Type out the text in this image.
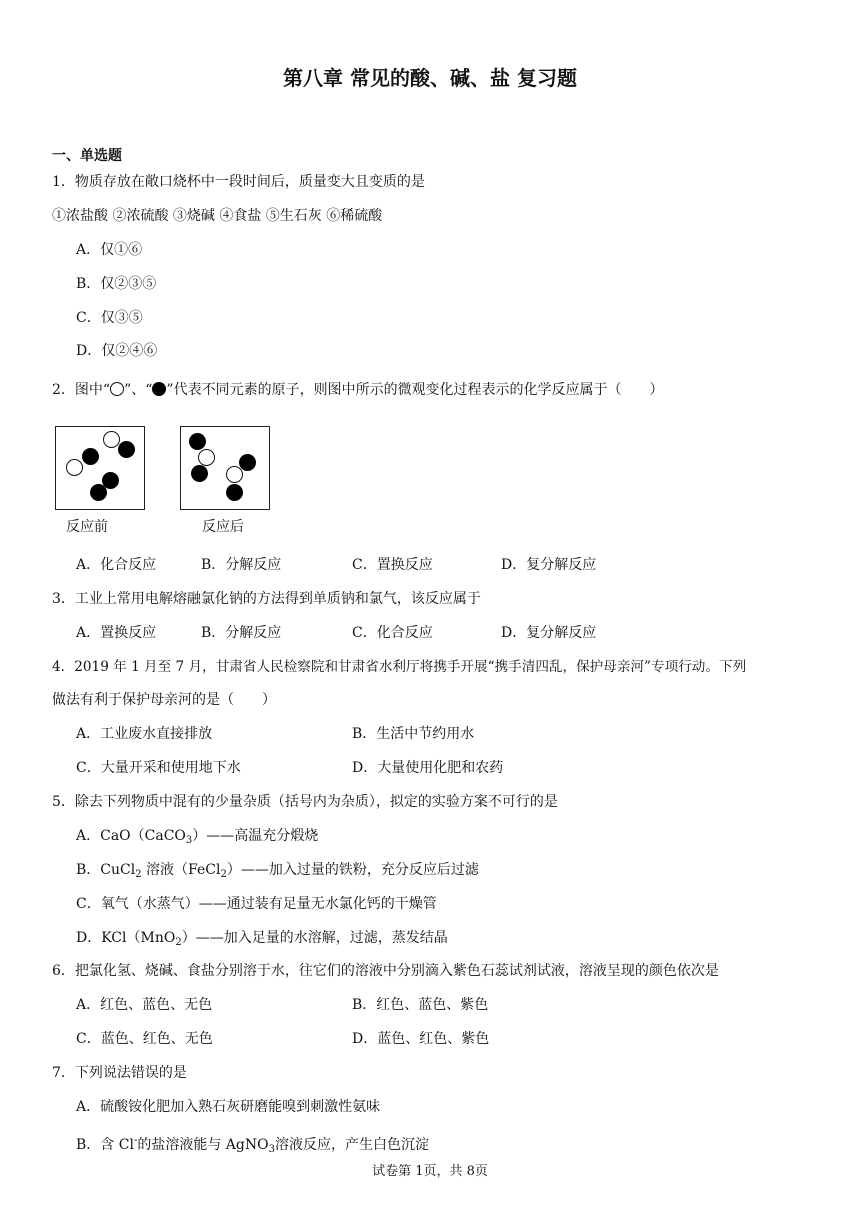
第八章 常见的酸、碱、盐 复习题
一、单选题
1．物质存放在敞口烧杯中一段时间后，质量变大且变质的是
①浓盐酸 ②浓硫酸 ③烧碱 ④食盐 ⑤生石灰 ⑥稀硫酸
A．仅①⑥
B．仅②③⑤
C．仅③⑤
D．仅②④⑥
2．图中“ ”、“ ”代表不同元素的原子，则图中所示的微观变化过程表示的化学反应属于（　　）
反应前	反应后
A．化合反应	B．分解反应	C．置换反应	D．复分解反应
3．工业上常用电解熔融氯化钠的方法得到单质钠和氯气，该反应属于
A．置换反应	B．分解反应	C．化合反应	D．复分解反应
4．2019 年 1 月至 7 月，甘肃省人民检察院和甘肃省水利厅将携手开展“携手清四乱，保护母亲河”专项行动。下列
做法有利于保护母亲河的是（　　）
A．工业废水直接排放	B．生活中节约用水
C．大量开采和使用地下水	D．大量使用化肥和农药
5．除去下列物质中混有的少量杂质（括号内为杂质），拟定的实验方案不可行的是
A．CaO（CaCO$_3$）——高温充分煅烧
B．CuCl$_2$ 溶液（FeCl$_2$）——加入过量的铁粉，充分反应后过滤
C．氧气（水蒸气）——通过装有足量无水氯化钙的干燥管
D．KCl（MnO$_2$）——加入足量的水溶解，过滤，蒸发结晶
6．把氯化氢、烧碱、食盐分别溶于水，往它们的溶液中分别滴入紫色石蕊试剂试液，溶液呈现的颜色依次是
A．红色、蓝色、无色	B．红色、蓝色、紫色
C．蓝色、红色、无色	D．蓝色、红色、紫色
7．下列说法错误的是
A．硫酸铵化肥加入熟石灰研磨能嗅到刺激性氨味
B．含 Cl-的盐溶液能与 AgNO$_3$溶液反应，产生白色沉淀
试卷第 1页，共 8页
